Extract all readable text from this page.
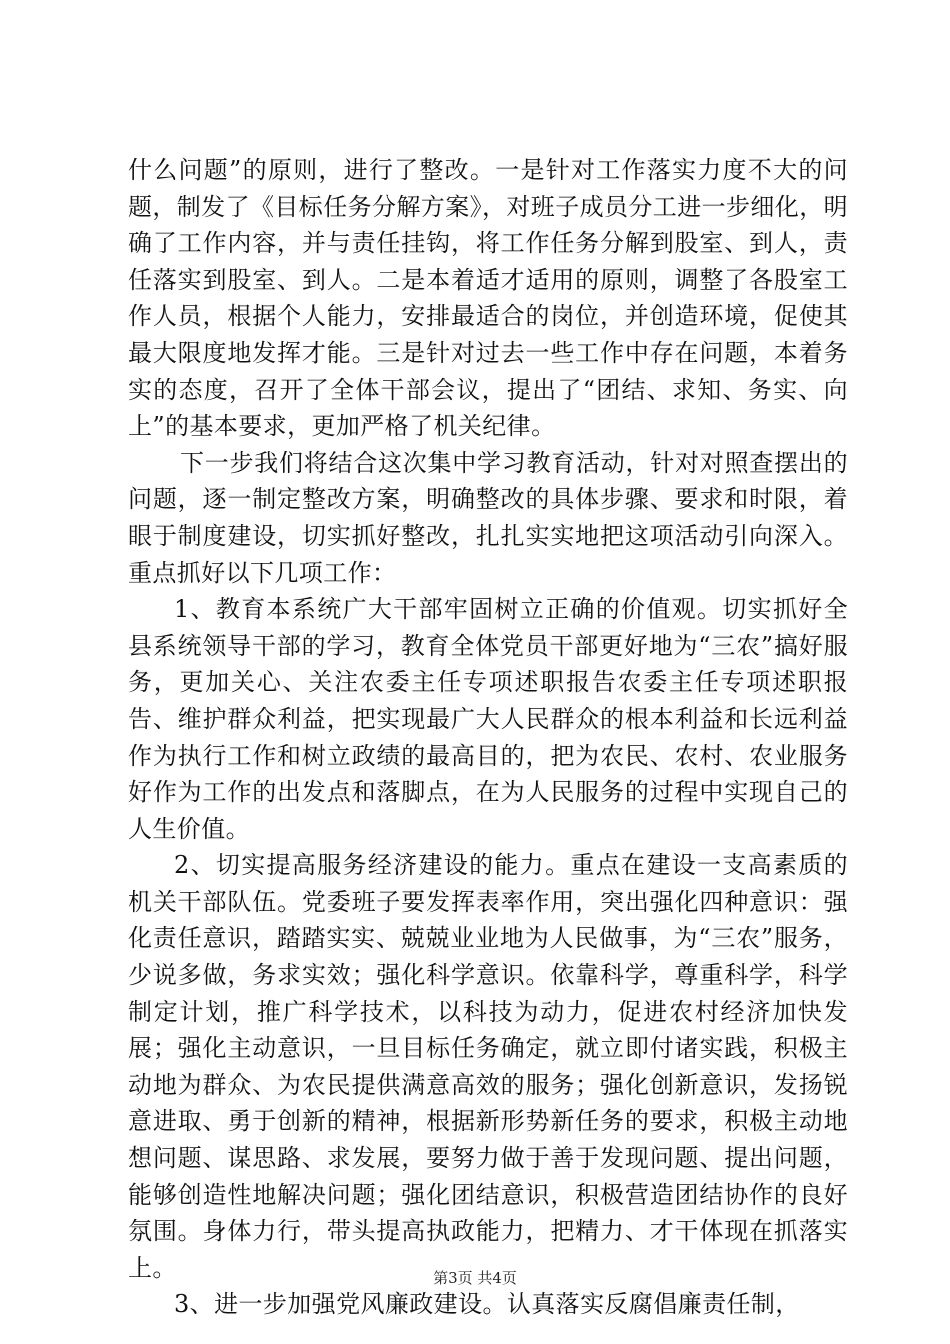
什么问题”的原则，进行了整改。一是针对工作落实力度不大的问题，制发了《目标任务分解方案》，对班子成员分工进一步细化，明确了工作内容，并与责任挂钩，将工作任务分解到股室、到人，责任落实到股室、到人。二是本着适才适用的原则，调整了各股室工作人员，根据个人能力，安排最适合的岗位，并创造环境，促使其最大限度地发挥才能。三是针对过去一些工作中存在问题，本着务实的态度，召开了全体干部会议，提出了“团结、求知、务实、向上”的基本要求，更加严格了机关纪律。

下一步我们将结合这次集中学习教育活动，针对对照查摆出的问题，逐一制定整改方案，明确整改的具体步骤、要求和时限，着眼于制度建设，切实抓好整改，扎扎实实地把这项活动引向深入。重点抓好以下几项工作：

1、教育本系统广大干部牢固树立正确的价值观。切实抓好全县系统领导干部的学习，教育全体党员干部更好地为“三农”搞好服务，更加关心、关注农委主任专项述职报告农委主任专项述职报告、维护群众利益，把实现最广大人民群众的根本利益和长远利益作为执行工作和树立政绩的最高目的，把为农民、农村、农业服务好作为工作的出发点和落脚点，在为人民服务的过程中实现自己的人生价值。

2、切实提高服务经济建设的能力。重点在建设一支高素质的机关干部队伍。党委班子要发挥表率作用，突出强化四种意识：强化责任意识，踏踏实实、兢兢业业地为人民做事，为“三农”服务，少说多做，务求实效；强化科学意识。依靠科学，尊重科学，科学制定计划，推广科学技术，以科技为动力，促进农村经济加快发展；强化主动意识，一旦目标任务确定，就立即付诸实践，积极主动地为群众、为农民提供满意高效的服务；强化创新意识，发扬锐意进取、勇于创新的精神，根据新形势新任务的要求，积极主动地想问题、谋思路、求发展，要努力做于善于发现问题、提出问题，能够创造性地解决问题；强化团结意识，积极营造团结协作的良好氛围。身体力行，带头提高执政能力，把精力、才干体现在抓落实上。

3、进一步加强党风廉政建设。认真落实反腐倡廉责任制，

第3页 共4页
